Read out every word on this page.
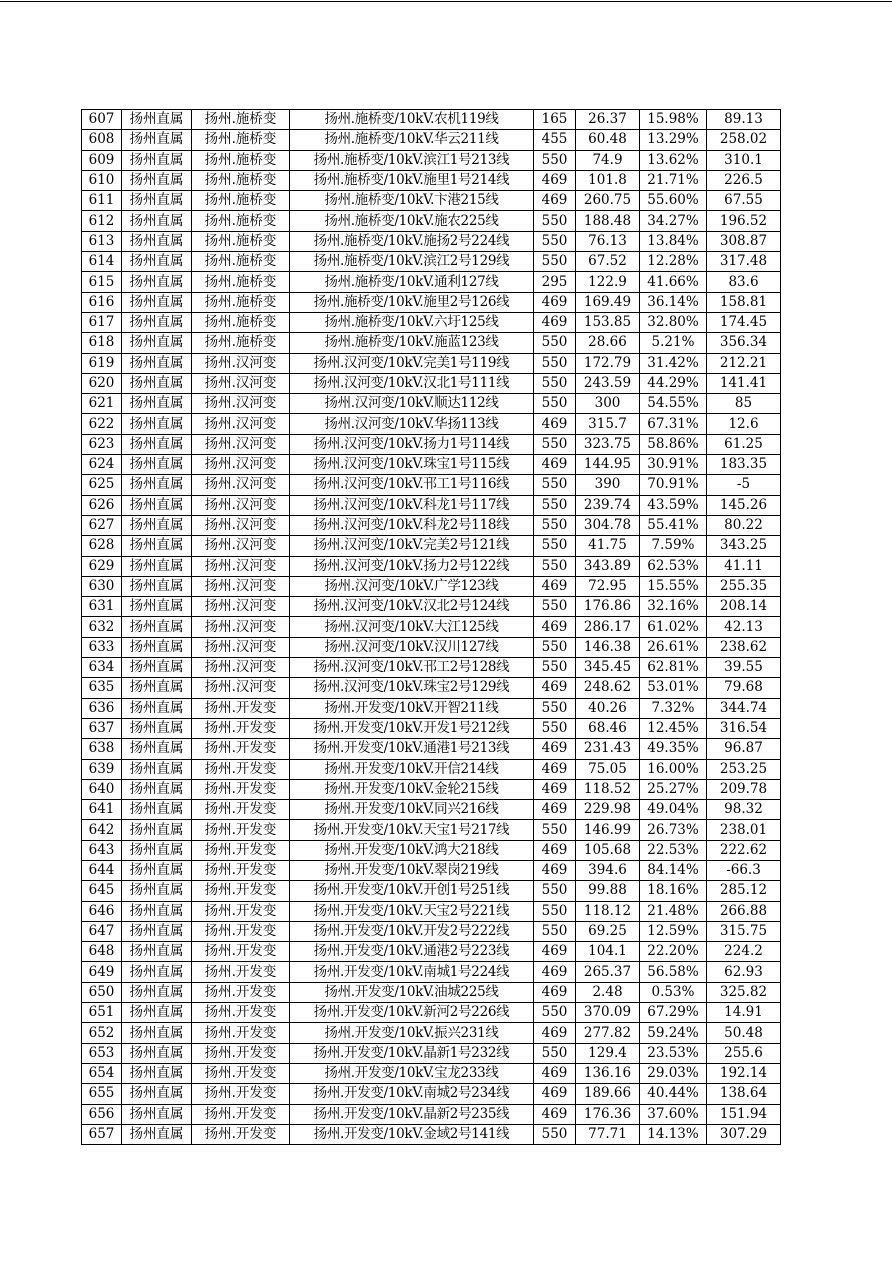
607	扬州直属	扬州.施桥变	扬州.施桥变/10kV.农机119线	165	26.37	15.98%	89.13
608	扬州直属	扬州.施桥变	扬州.施桥变/10kV.华云211线	455	60.48	13.29%	258.02
609	扬州直属	扬州.施桥变	扬州.施桥变/10kV.滨江1号213线	550	74.9	13.62%	310.1
610	扬州直属	扬州.施桥变	扬州.施桥变/10kV.施里1号214线	469	101.8	21.71%	226.5
611	扬州直属	扬州.施桥变	扬州.施桥变/10kV.卞港215线	469	260.75	55.60%	67.55
612	扬州直属	扬州.施桥变	扬州.施桥变/10kV.施农225线	550	188.48	34.27%	196.52
613	扬州直属	扬州.施桥变	扬州.施桥变/10kV.施扬2号224线	550	76.13	13.84%	308.87
614	扬州直属	扬州.施桥变	扬州.施桥变/10kV.滨江2号129线	550	67.52	12.28%	317.48
615	扬州直属	扬州.施桥变	扬州.施桥变/10kV.通利127线	295	122.9	41.66%	83.6
616	扬州直属	扬州.施桥变	扬州.施桥变/10kV.施里2号126线	469	169.49	36.14%	158.81
617	扬州直属	扬州.施桥变	扬州.施桥变/10kV.六圩125线	469	153.85	32.80%	174.45
618	扬州直属	扬州.施桥变	扬州.施桥变/10kV.施蓝123线	550	28.66	5.21%	356.34
619	扬州直属	扬州.汉河变	扬州.汉河变/10kV.完美1号119线	550	172.79	31.42%	212.21
620	扬州直属	扬州.汉河变	扬州.汉河变/10kV.汉北1号111线	550	243.59	44.29%	141.41
621	扬州直属	扬州.汉河变	扬州.汉河变/10kV.顺达112线	550	300	54.55%	85
622	扬州直属	扬州.汉河变	扬州.汉河变/10kV.华扬113线	469	315.7	67.31%	12.6
623	扬州直属	扬州.汉河变	扬州.汉河变/10kV.扬力1号114线	550	323.75	58.86%	61.25
624	扬州直属	扬州.汉河变	扬州.汉河变/10kV.珠宝1号115线	469	144.95	30.91%	183.35
625	扬州直属	扬州.汉河变	扬州.汉河变/10kV.邗工1号116线	550	390	70.91%	-5
626	扬州直属	扬州.汉河变	扬州.汉河变/10kV.科龙1号117线	550	239.74	43.59%	145.26
627	扬州直属	扬州.汉河变	扬州.汉河变/10kV.科龙2号118线	550	304.78	55.41%	80.22
628	扬州直属	扬州.汉河变	扬州.汉河变/10kV.完美2号121线	550	41.75	7.59%	343.25
629	扬州直属	扬州.汉河变	扬州.汉河变/10kV.扬力2号122线	550	343.89	62.53%	41.11
630	扬州直属	扬州.汉河变	扬州.汉河变/10kV.广学123线	469	72.95	15.55%	255.35
631	扬州直属	扬州.汉河变	扬州.汉河变/10kV.汉北2号124线	550	176.86	32.16%	208.14
632	扬州直属	扬州.汉河变	扬州.汉河变/10kV.大江125线	469	286.17	61.02%	42.13
633	扬州直属	扬州.汉河变	扬州.汉河变/10kV.汉川127线	550	146.38	26.61%	238.62
634	扬州直属	扬州.汉河变	扬州.汉河变/10kV.邗工2号128线	550	345.45	62.81%	39.55
635	扬州直属	扬州.汉河变	扬州.汉河变/10kV.珠宝2号129线	469	248.62	53.01%	79.68
636	扬州直属	扬州.开发变	扬州.开发变/10kV.开智211线	550	40.26	7.32%	344.74
637	扬州直属	扬州.开发变	扬州.开发变/10kV.开发1号212线	550	68.46	12.45%	316.54
638	扬州直属	扬州.开发变	扬州.开发变/10kV.通港1号213线	469	231.43	49.35%	96.87
639	扬州直属	扬州.开发变	扬州.开发变/10kV.开信214线	469	75.05	16.00%	253.25
640	扬州直属	扬州.开发变	扬州.开发变/10kV.金轮215线	469	118.52	25.27%	209.78
641	扬州直属	扬州.开发变	扬州.开发变/10kV.同兴216线	469	229.98	49.04%	98.32
642	扬州直属	扬州.开发变	扬州.开发变/10kV.天宝1号217线	550	146.99	26.73%	238.01
643	扬州直属	扬州.开发变	扬州.开发变/10kV.鸿大218线	469	105.68	22.53%	222.62
644	扬州直属	扬州.开发变	扬州.开发变/10kV.翠岗219线	469	394.6	84.14%	-66.3
645	扬州直属	扬州.开发变	扬州.开发变/10kV.开创1号251线	550	99.88	18.16%	285.12
646	扬州直属	扬州.开发变	扬州.开发变/10kV.天宝2号221线	550	118.12	21.48%	266.88
647	扬州直属	扬州.开发变	扬州.开发变/10kV.开发2号222线	550	69.25	12.59%	315.75
648	扬州直属	扬州.开发变	扬州.开发变/10kV.通港2号223线	469	104.1	22.20%	224.2
649	扬州直属	扬州.开发变	扬州.开发变/10kV.南城1号224线	469	265.37	56.58%	62.93
650	扬州直属	扬州.开发变	扬州.开发变/10kV.油城225线	469	2.48	0.53%	325.82
651	扬州直属	扬州.开发变	扬州.开发变/10kV.新河2号226线	550	370.09	67.29%	14.91
652	扬州直属	扬州.开发变	扬州.开发变/10kV.振兴231线	469	277.82	59.24%	50.48
653	扬州直属	扬州.开发变	扬州.开发变/10kV.晶新1号232线	550	129.4	23.53%	255.6
654	扬州直属	扬州.开发变	扬州.开发变/10kV.宝龙233线	469	136.16	29.03%	192.14
655	扬州直属	扬州.开发变	扬州.开发变/10kV.南城2号234线	469	189.66	40.44%	138.64
656	扬州直属	扬州.开发变	扬州.开发变/10kV.晶新2号235线	469	176.36	37.60%	151.94
657	扬州直属	扬州.开发变	扬州.开发变/10kV.金域2号141线	550	77.71	14.13%	307.29
